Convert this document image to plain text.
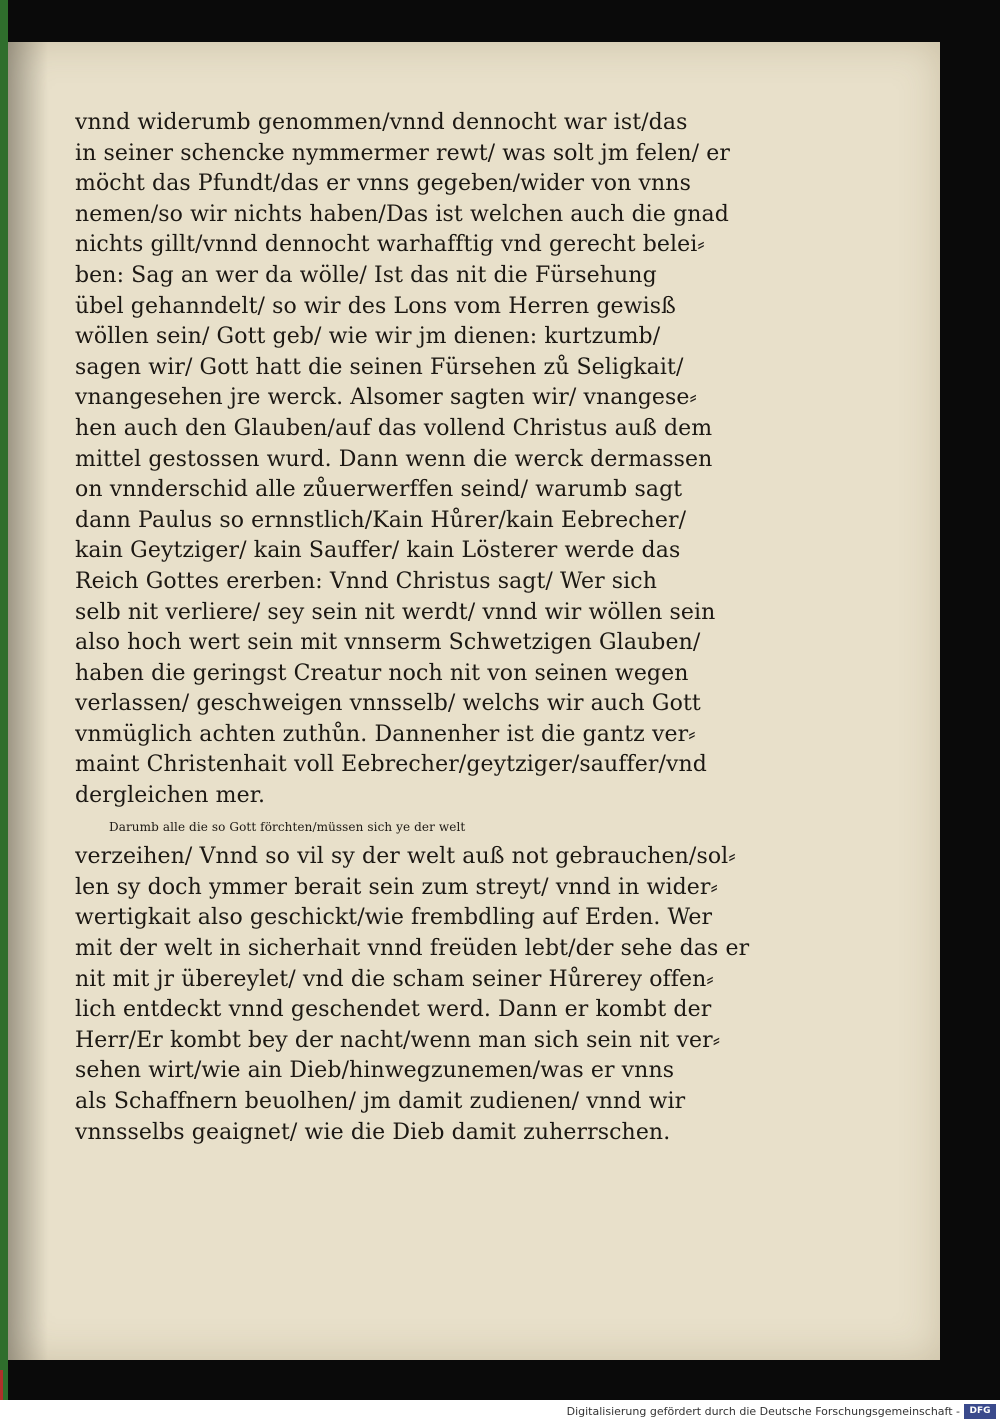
vnnd widerumb genommen/vnnd dennocht war ist/das
in seiner schencke nymmermer rewt/ was solt jm felen/ er
möcht das Pfundt/das er vnns gegeben/wider von vnns
nemen/so wir nichts haben/Das ist welchen auch die gnad
nichts gillt/vnnd dennocht warhafftig vnd gerecht belei⸗
ben: Sag an wer da wölle/ Ist das nit die Fürsehung
übel gehanndelt/ so wir des Lons vom Herren gewisß
wöllen sein/ Gott geb/ wie wir jm dienen: kurtzumb/
sagen wir/ Gott hatt die seinen Fürsehen zů Seligkait/
vnangesehen jre werck. Alsomer sagten wir/ vnangese⸗
hen auch den Glauben/auf das vollend Christus auß dem
mittel gestossen wurd. Dann wenn die werck dermassen
on vnnderschid alle zůuerwerffen seind/ warumb sagt
dann Paulus so ernnstlich/Kain Hůrer/kain Eebrecher/
kain Geytziger/ kain Sauffer/ kain Lösterer werde das
Reich Gottes ererben: Vnnd Christus sagt/ Wer sich
selb nit verliere/ sey sein nit werdt/ vnnd wir wöllen sein
also hoch wert sein mit vnnserm Schwetzigen Glauben/
haben die geringst Creatur noch nit von seinen wegen
verlassen/ geschweigen vnnsselb/ welchs wir auch Gott
vnmüglich achten zuthůn. Dannenher ist die gantz ver⸗
maint Christenhait voll Eebrecher/geytziger/sauffer/vnd
dergleichen mer.
Darumb alle die so Gott förchten/müssen sich ye der welt
verzeihen/ Vnnd so vil sy der welt auß not gebrauchen/sol⸗
len sy doch ymmer berait sein zum streyt/ vnnd in wider⸗
wertigkait also geschickt/wie frembdling auf Erden. Wer
mit der welt in sicherhait vnnd freüden lebt/der sehe das er
nit mit jr übereylet/ vnd die scham seiner Hůrerey offen⸗
lich entdeckt vnnd geschendet werd. Dann er kombt der
Herr/Er kombt bey der nacht/wenn man sich sein nit ver⸗
sehen wirt/wie ain Dieb/hinwegzunemen/was er vnns
als Schaffnern beuolhen/ jm damit zudienen/ vnnd wir
vnnsselbs geaignet/ wie die Dieb damit zuherrschen.
Digitalisierung gefördert durch die Deutsche Forschungsgemeinschaft -	DFG
